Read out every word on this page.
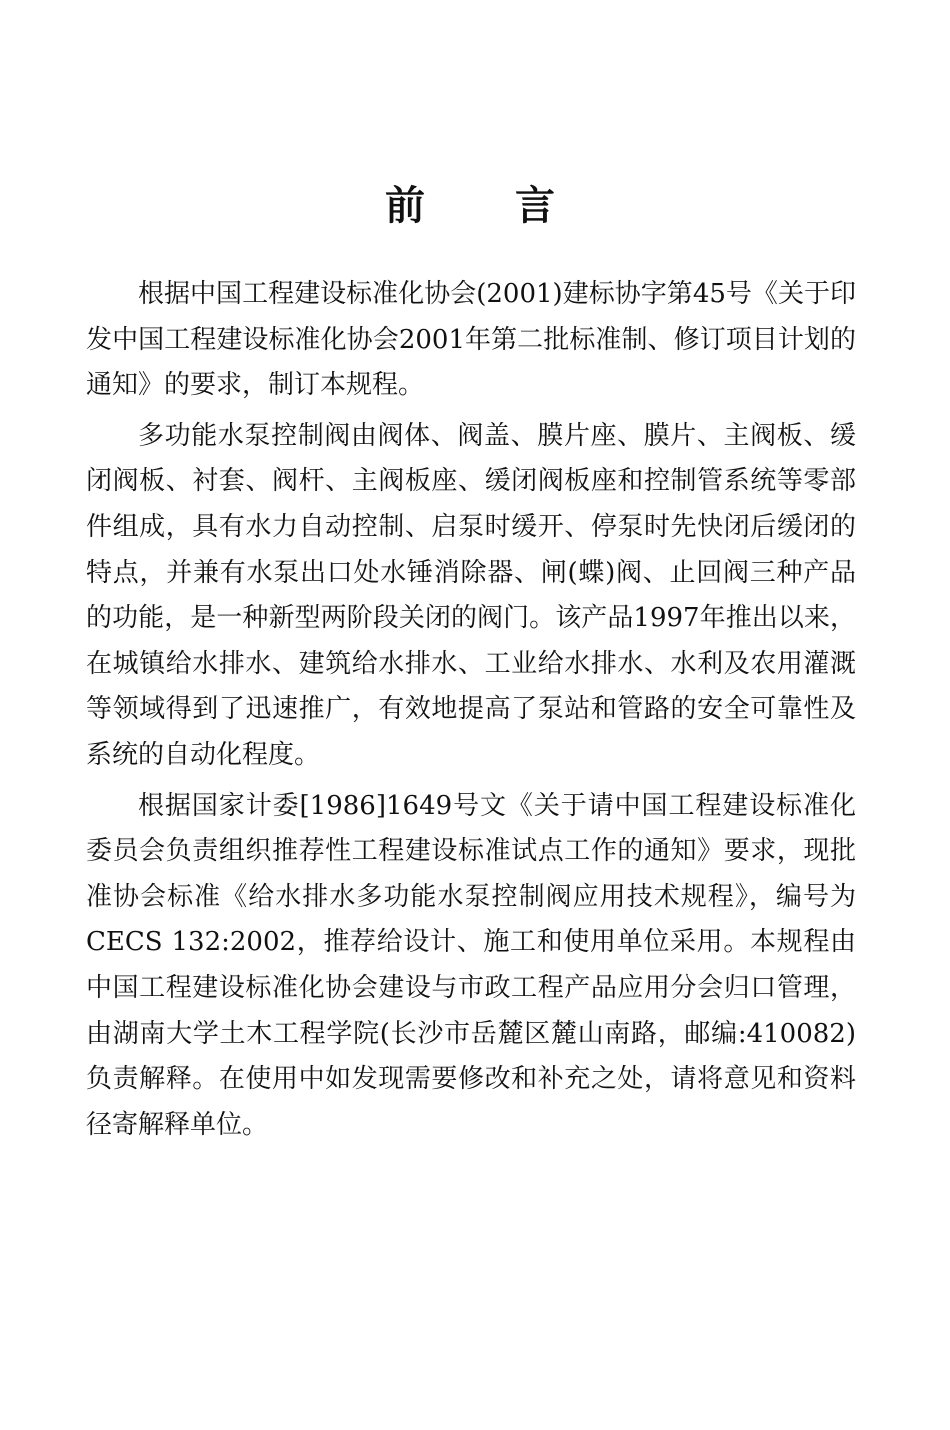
前 言

根据中国工程建设标准化协会(2001)建标协字第45号《关于印发中国工程建设标准化协会2001年第二批标准制、修订项目计划的通知》的要求，制订本规程。

多功能水泵控制阀由阀体、阀盖、膜片座、膜片、主阀板、缓闭阀板、衬套、阀杆、主阀板座、缓闭阀板座和控制管系统等零部件组成，具有水力自动控制、启泵时缓开、停泵时先快闭后缓闭的特点，并兼有水泵出口处水锤消除器、闸(蝶)阀、止回阀三种产品的功能，是一种新型两阶段关闭的阀门。该产品1997年推出以来，在城镇给水排水、建筑给水排水、工业给水排水、水利及农用灌溉等领域得到了迅速推广，有效地提高了泵站和管路的安全可靠性及系统的自动化程度。

根据国家计委[1986]1649号文《关于请中国工程建设标准化委员会负责组织推荐性工程建设标准试点工作的通知》要求，现批准协会标准《给水排水多功能水泵控制阀应用技术规程》，编号为CECS 132:2002，推荐给设计、施工和使用单位采用。本规程由中国工程建设标准化协会建设与市政工程产品应用分会归口管理，由湖南大学土木工程学院(长沙市岳麓区麓山南路，邮编:410082)负责解释。在使用中如发现需要修改和补充之处，请将意见和资料径寄解释单位。
